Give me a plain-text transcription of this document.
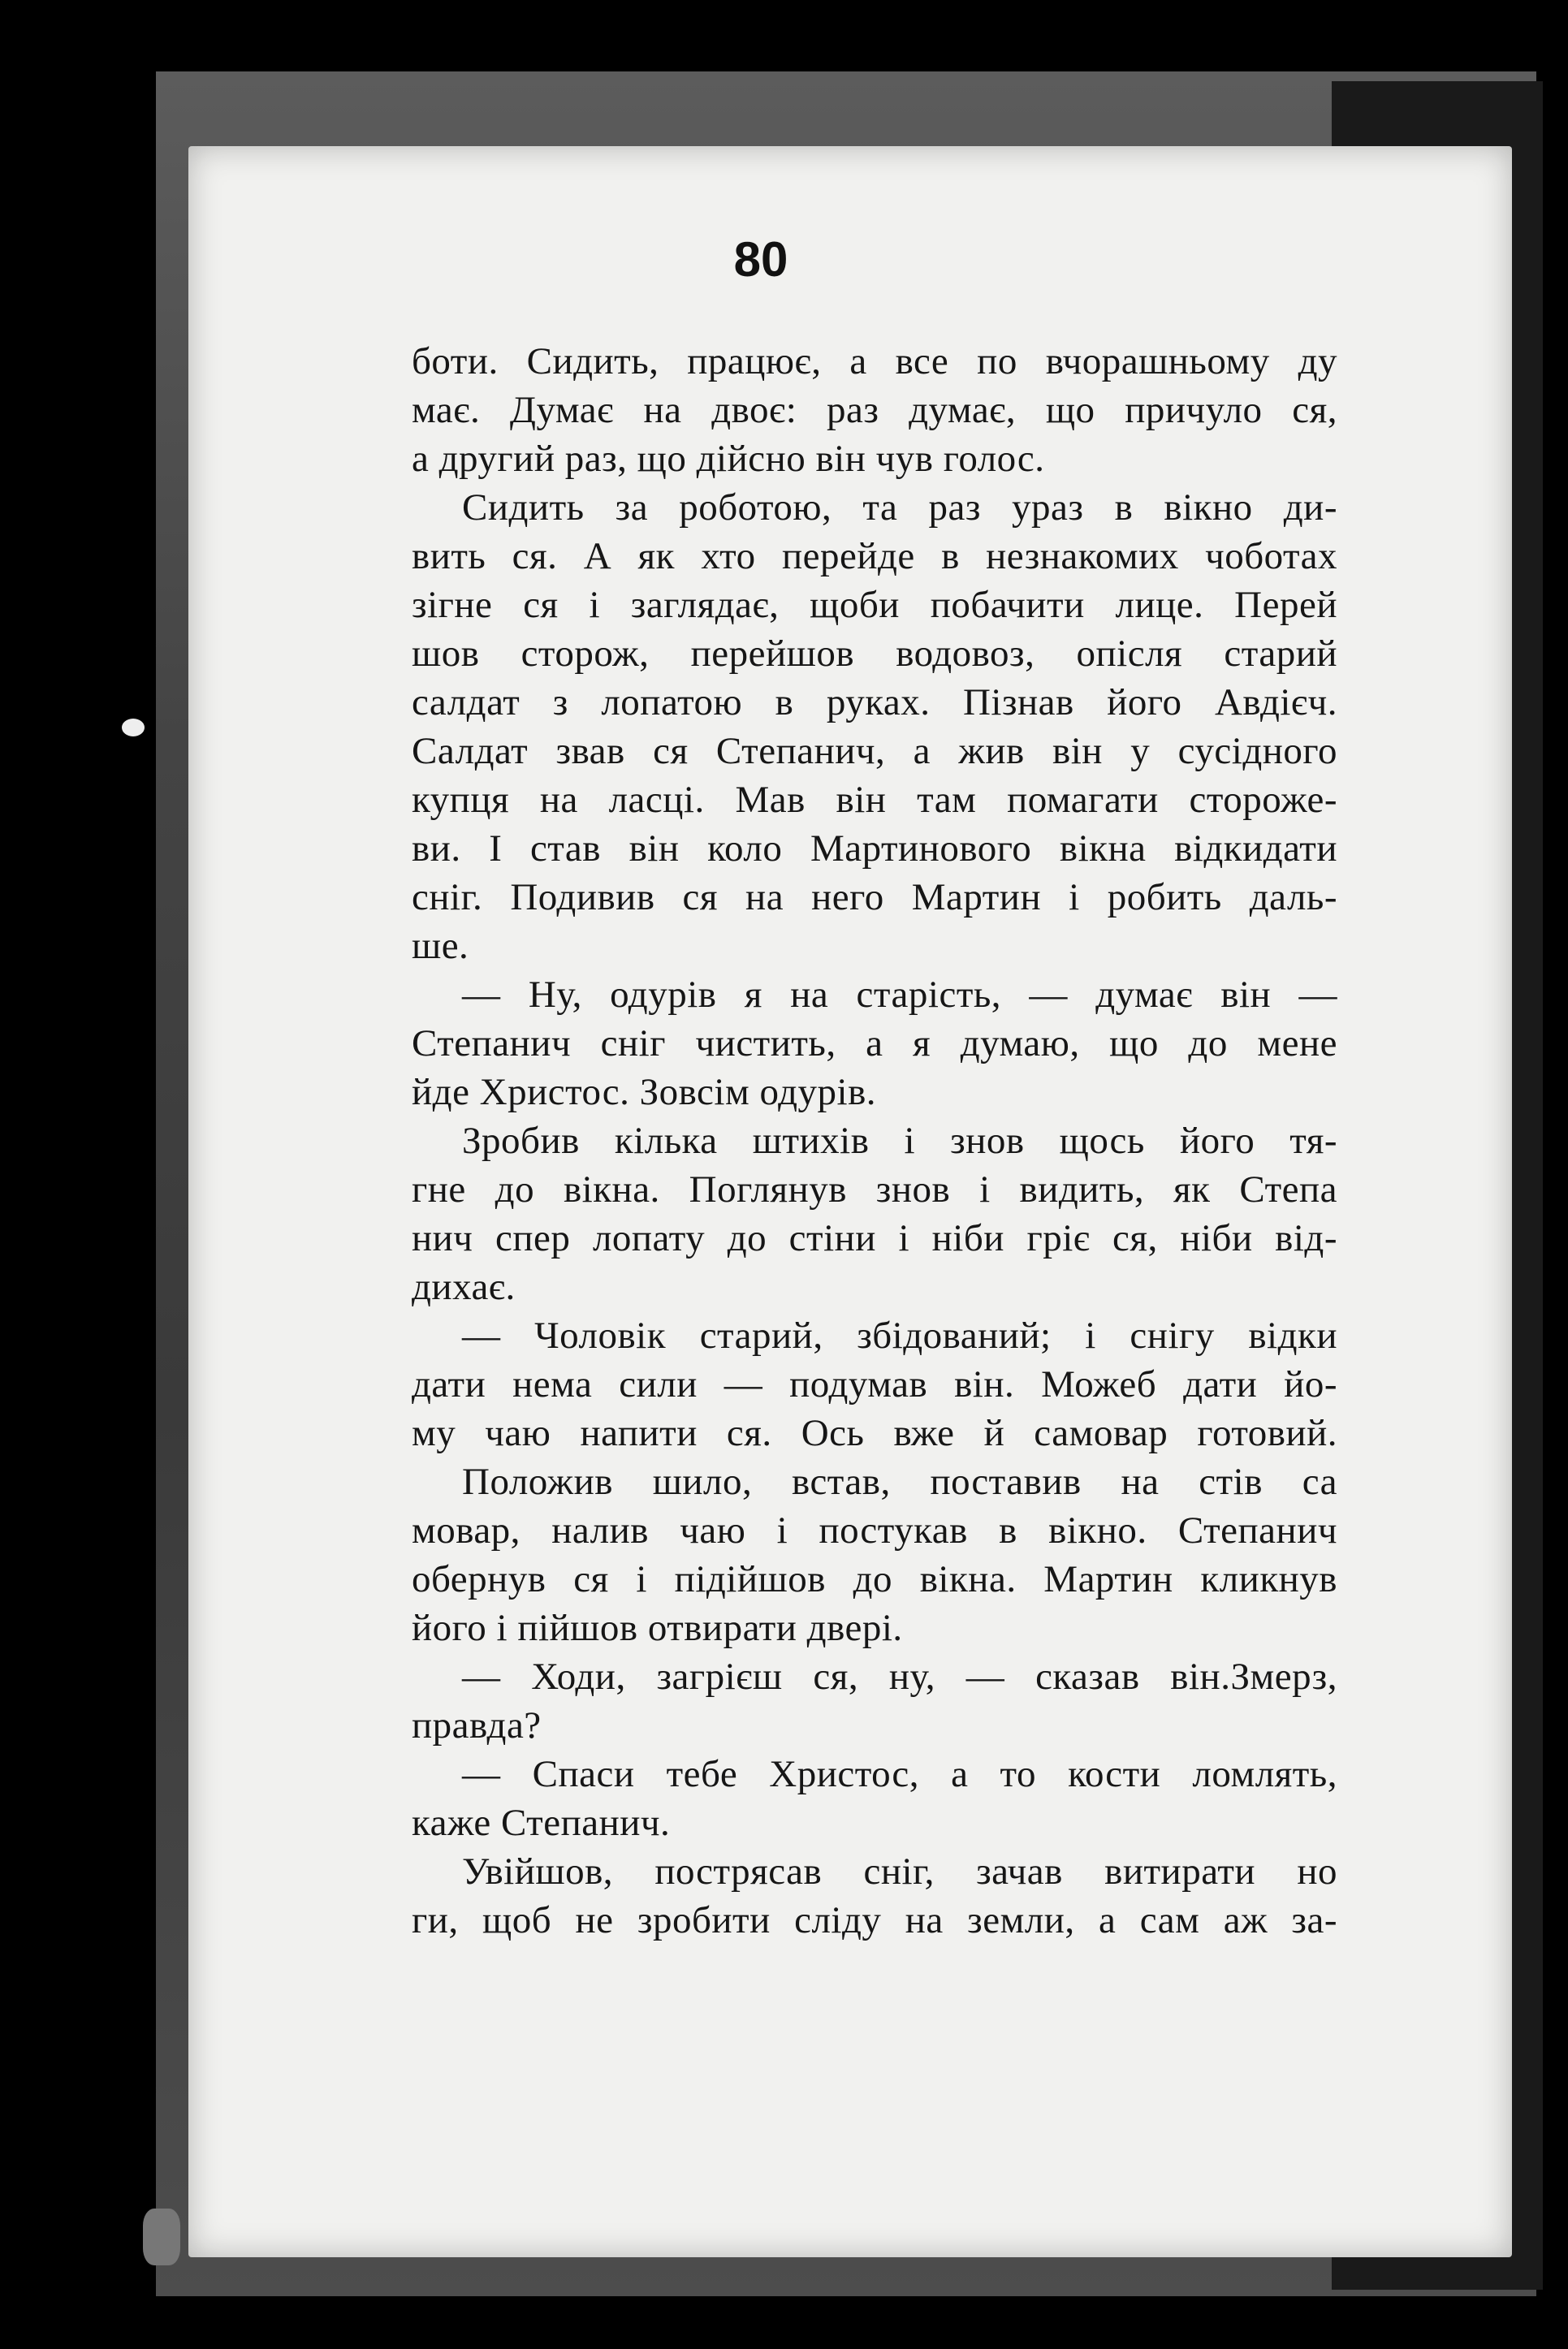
80
боти. Сидить, працює, а все по вчорашньому ду
має. Думає на двоє: раз думає, що причуло ся,
а другий раз, що дійсно він чув голос.
Сидить за роботою, та раз ураз в вікно ди-
вить ся. А як хто перейде в незнакомих чоботах
зігне ся і заглядає, щоби побачити лице. Перей
шов сторож, перейшов водовоз, опісля старий
салдат з лопатою в руках. Пізнав його Авдієч.
Салдат звав ся Степанич, а жив він у сусідного
купця на ласці. Мав він там помагати стороже-
ви. І став він коло Мартинового вікна відкидати
сніг. Подивив ся на него Мартин і робить даль-
ше.
— Ну, одурів я на старість, — думає він —
Степанич сніг чистить, а я думаю, що до мене
йде Христос. Зовсім одурів.
Зробив кілька штихів і знов щось його тя-
гне до вікна. Поглянув знов і видить, як Степа
нич спер лопату до стіни і ніби гріє ся, ніби від-
дихає.
— Чоловік старий, збідований; і снігу відки
дати нема сили — подумав він. Можеб дати йо-
му чаю напити ся. Ось вже й самовар готовий.
Положив шило, встав, поставив на стів са
мовар, налив чаю і постукав в вікно. Степанич
обернув ся і підійшов до вікна. Мартин кликнув
його і пійшов отвирати двері.
— Ходи, загрієш ся, ну, — сказав він.Змерз,
правда?
— Спаси тебе Христос, а то кости ломлять,
каже Степанич.
Увійшов, пострясав сніг, зачав витирати но
ги, щоб не зробити сліду на земли, а сам аж за-
